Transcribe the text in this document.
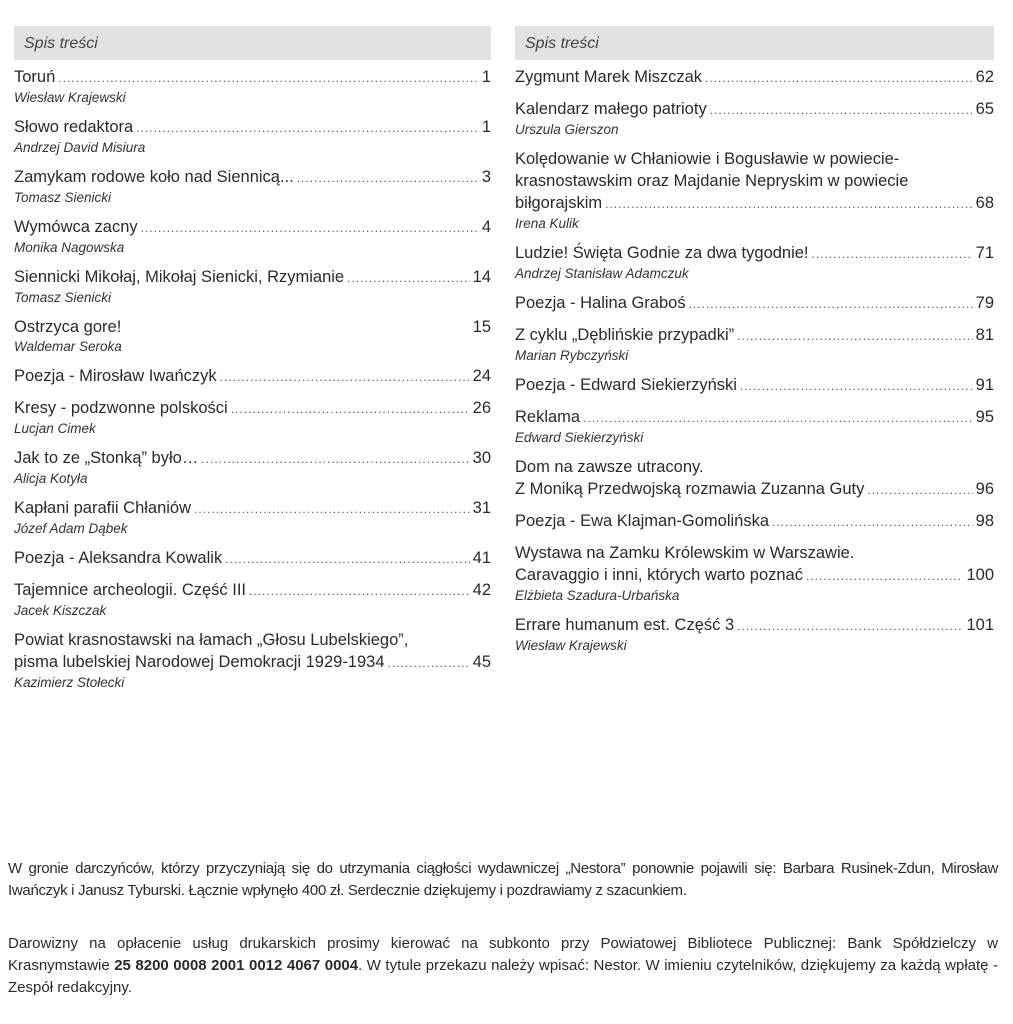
Spis treści
Toruń .....	1
Wiesław Krajewski
Słowo redaktora .....	1
Andrzej David Misiura
Zamykam rodowe koło nad Siennicą... .....	3
Tomasz Sienicki
Wymówca zacny .....	4
Monika Nagowska
Siennicki Mikołaj, Mikołaj Sienicki, Rzymianie .....	14
Tomasz Sienicki
Ostrzyca gore!	15
Waldemar Seroka
Poezja - Mirosław Iwańczyk .....	24
Kresy - podzwonne polskości .....	26
Lucjan Cimek
Jak to ze „Stonką” było… .....	30
Alicja Kotyła
Kapłani parafii Chłaniów .....	31
Józef Adam Dąbek
Poezja - Aleksandra Kowalik .....	41
Tajemnice archeologii. Część III .....	42
Jacek Kiszczak
Powiat krasnostawski na łamach „Głosu Lubelskiego”,
pisma lubelskiej Narodowej Demokracji 1929-1934 .....	45
Kazimierz Stołecki
Spis treści
Zygmunt Marek Miszczak .....	62
Kalendarz małego patrioty .....	65
Urszula Gierszon
Kolędowanie w Chłaniowie i Bogusławie w powiecie-
krasnostawskim oraz Majdanie Nepryskim w powiecie
biłgorajskim .....	68
Irena Kulik
Ludzie! Święta Godnie za dwa tygodnie! .....	71
Andrzej Stanisław Adamczuk
Poezja - Halina Graboś .....	79
Z cyklu „Dęblińskie przypadki” .....	81
Marian Rybczyński
Poezja - Edward Siekierzyński .....	91
Reklama .....	95
Edward Siekierzyński
Dom na zawsze utracony.
Z Moniką Przedwojską rozmawia Zuzanna Guty .....	96
Poezja - Ewa Klajman-Gomolińska .....	98
Wystawa na Zamku Królewskim w Warszawie.
Caravaggio i inni, których warto poznać .....	100
Elżbieta Szadura-Urbańska
Errare humanum est. Część 3 .....	101
Wiesław Krajewski
W gronie darczyńców, którzy przyczyniają się do utrzymania ciągłości wydawniczej „Nestora” ponownie pojawili się: Barbara Rusinek-Zdun, Mirosław Iwańczyk i Janusz Tyburski. Łącznie wpłynęło 400 zł. Serdecznie dziękujemy i pozdrawiamy z szacunkiem.
Darowizny na opłacenie usług drukarskich prosimy kierować na subkonto przy Powiatowej Bibliotece Publicznej: Bank Spółdzielczy w Krasnymstawie 25 8200 0008 2001 0012 4067 0004. W tytule przekazu należy wpisać: Nestor. W imieniu czytelników, dziękujemy za każdą wpłatę - Zespół redakcyjny.
